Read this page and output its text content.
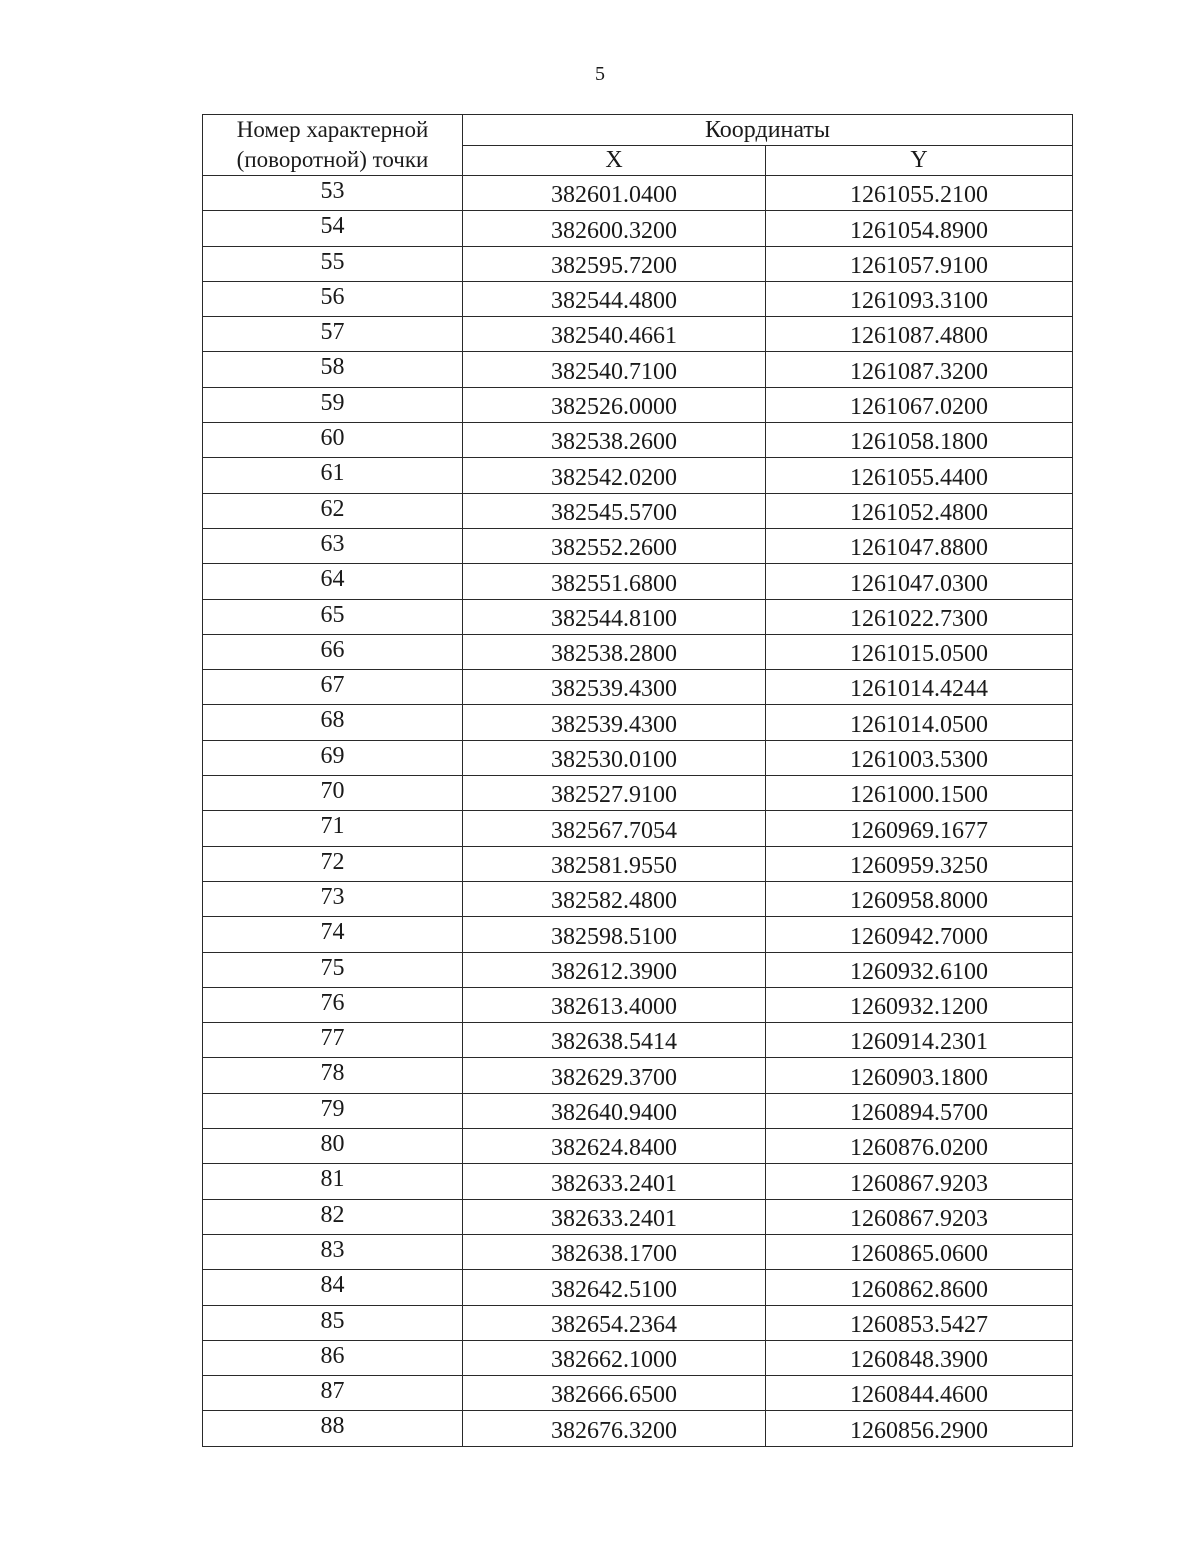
5
Номер характерной (поворотной) точки	Координаты	
	X	Y
53	382601.0400	1261055.2100
54	382600.3200	1261054.8900
55	382595.7200	1261057.9100
56	382544.4800	1261093.3100
57	382540.4661	1261087.4800
58	382540.7100	1261087.3200
59	382526.0000	1261067.0200
60	382538.2600	1261058.1800
61	382542.0200	1261055.4400
62	382545.5700	1261052.4800
63	382552.2600	1261047.8800
64	382551.6800	1261047.0300
65	382544.8100	1261022.7300
66	382538.2800	1261015.0500
67	382539.4300	1261014.4244
68	382539.4300	1261014.0500
69	382530.0100	1261003.5300
70	382527.9100	1261000.1500
71	382567.7054	1260969.1677
72	382581.9550	1260959.3250
73	382582.4800	1260958.8000
74	382598.5100	1260942.7000
75	382612.3900	1260932.6100
76	382613.4000	1260932.1200
77	382638.5414	1260914.2301
78	382629.3700	1260903.1800
79	382640.9400	1260894.5700
80	382624.8400	1260876.0200
81	382633.2401	1260867.9203
82	382633.2401	1260867.9203
83	382638.1700	1260865.0600
84	382642.5100	1260862.8600
85	382654.2364	1260853.5427
86	382662.1000	1260848.3900
87	382666.6500	1260844.4600
88	382676.3200	1260856.2900
